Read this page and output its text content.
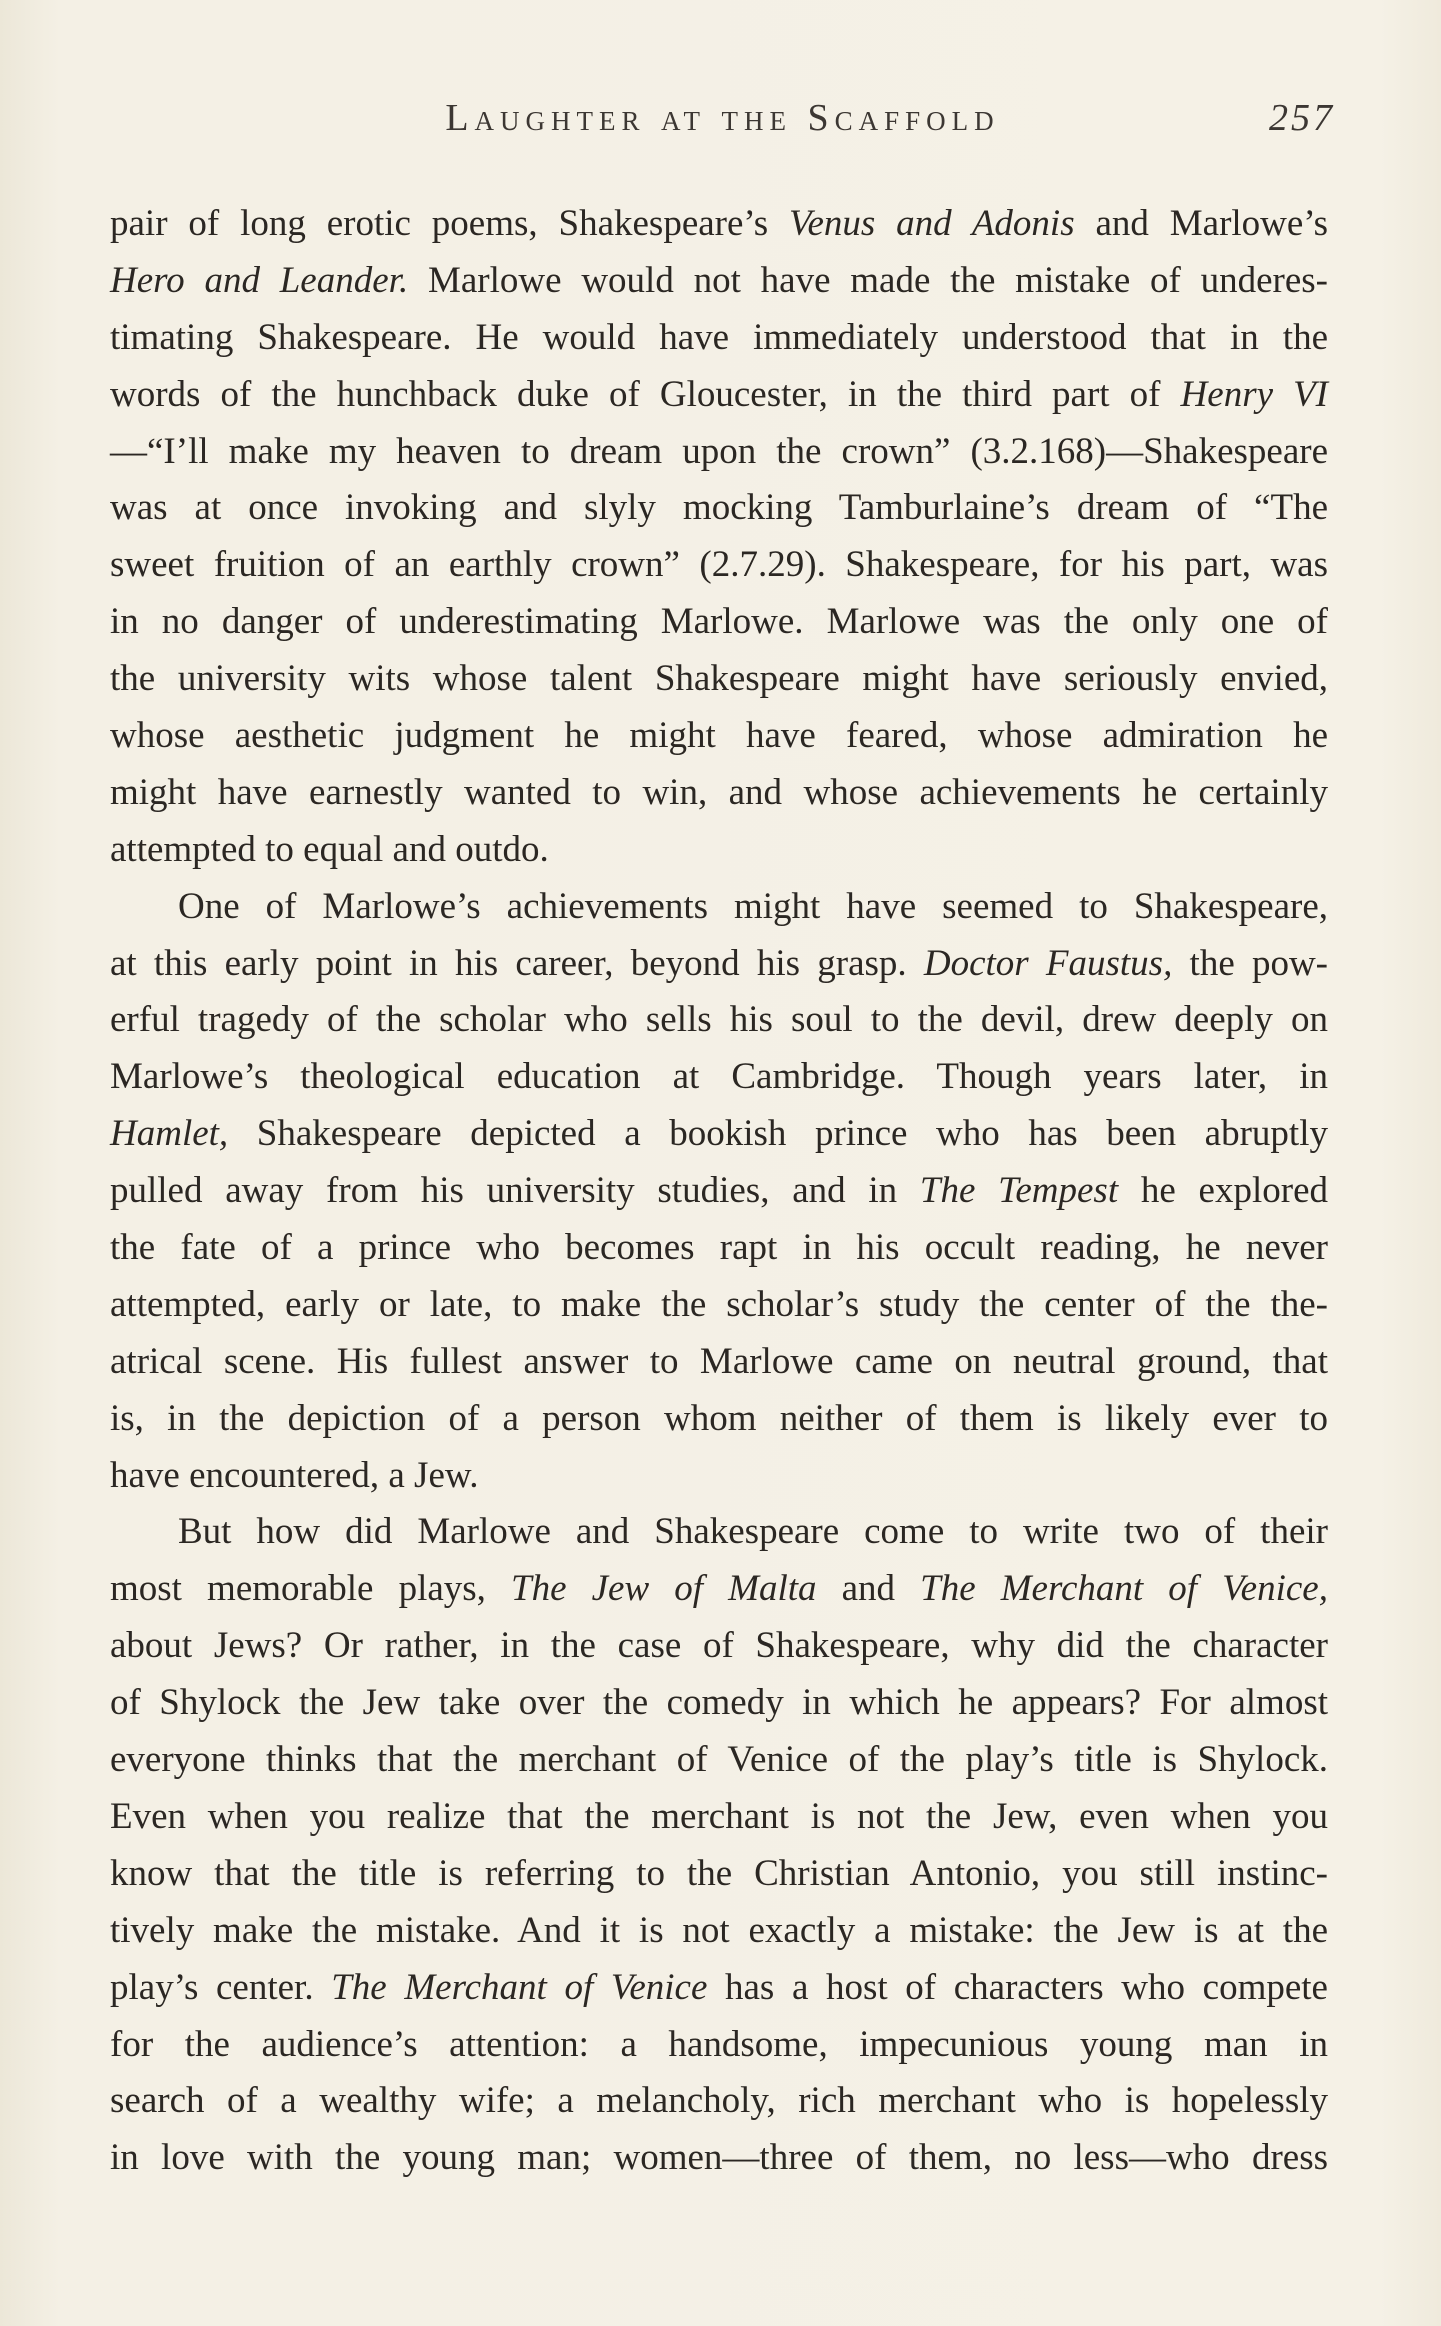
Laughter at the Scaffold	257
pair of long erotic poems, Shakespeare’s Venus and Adonis and Marlowe’s
Hero and Leander. Marlowe would not have made the mistake of underes-
timating Shakespeare. He would have immediately understood that in the
words of the hunchback duke of Gloucester, in the third part of Henry VI
—“I’ll make my heaven to dream upon the crown” (3.2.168)—Shakespeare
was at once invoking and slyly mocking Tamburlaine’s dream of “The
sweet fruition of an earthly crown” (2.7.29). Shakespeare, for his part, was
in no danger of underestimating Marlowe. Marlowe was the only one of
the university wits whose talent Shakespeare might have seriously envied,
whose aesthetic judgment he might have feared, whose admiration he
might have earnestly wanted to win, and whose achievements he certainly
attempted to equal and outdo.
One of Marlowe’s achievements might have seemed to Shakespeare,
at this early point in his career, beyond his grasp. Doctor Faustus, the pow-
erful tragedy of the scholar who sells his soul to the devil, drew deeply on
Marlowe’s theological education at Cambridge. Though years later, in
Hamlet, Shakespeare depicted a bookish prince who has been abruptly
pulled away from his university studies, and in The Tempest he explored
the fate of a prince who becomes rapt in his occult reading, he never
attempted, early or late, to make the scholar’s study the center of the the-
atrical scene. His fullest answer to Marlowe came on neutral ground, that
is, in the depiction of a person whom neither of them is likely ever to
have encountered, a Jew.
But how did Marlowe and Shakespeare come to write two of their
most memorable plays, The Jew of Malta and The Merchant of Venice,
about Jews? Or rather, in the case of Shakespeare, why did the character
of Shylock the Jew take over the comedy in which he appears? For almost
everyone thinks that the merchant of Venice of the play’s title is Shylock.
Even when you realize that the merchant is not the Jew, even when you
know that the title is referring to the Christian Antonio, you still instinc-
tively make the mistake. And it is not exactly a mistake: the Jew is at the
play’s center. The Merchant of Venice has a host of characters who compete
for the audience’s attention: a handsome, impecunious young man in
search of a wealthy wife; a melancholy, rich merchant who is hopelessly
in love with the young man; women—three of them, no less—who dress
